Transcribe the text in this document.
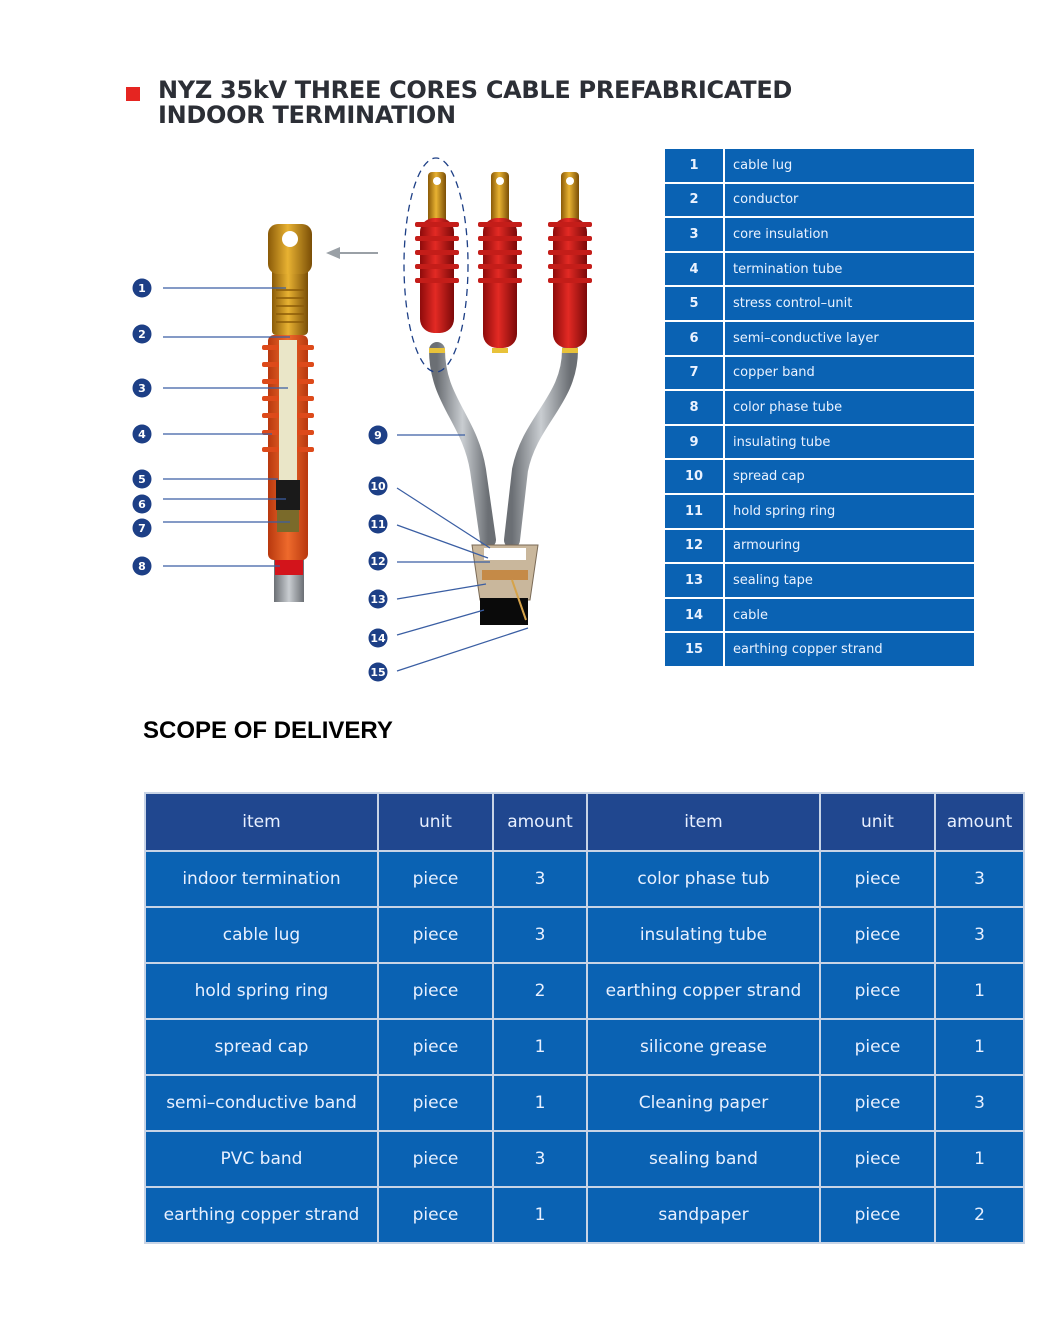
NYZ 35kV THREE CORES CABLE PREFABRICATED
INDOOR TERMINATION
1
2
3
4
5
6
7
8
9
10
11
12
13
14
15
1	cable lug
2	conductor
3	core insulation
4	termination tube
5	stress control–unit
6	semi–conductive layer
7	copper band
8	color phase tube
9	insulating tube
10	spread cap
11	hold spring ring
12	armouring
13	sealing tape
14	cable
15	earthing copper strand
SCOPE OF DELIVERY
item	unit	amount	item	unit	amount
indoor termination	piece	3	color phase tub	piece	3
cable lug	piece	3	insulating tube	piece	3
hold spring ring	piece	2	earthing copper strand	piece	1
spread cap	piece	1	silicone grease	piece	1
semi–conductive band	piece	1	Cleaning paper	piece	3
PVC band	piece	3	sealing band	piece	1
earthing copper strand	piece	1	sandpaper	piece	2
